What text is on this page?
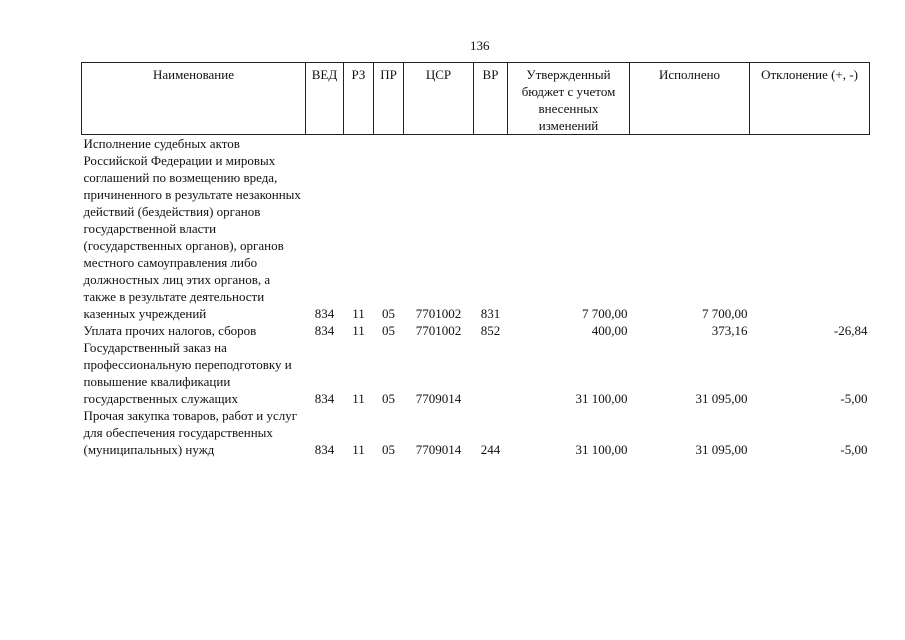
136
Наименование	ВЕД	РЗ	ПР	ЦСР	ВР	Утвержденный бюджет с учетом внесенных изменений	Исполнено	Отклонение (+, -)
Исполнение судебных актов Российской Федерации и мировых соглашений по возмещению вреда, причиненного в результате незаконных действий (бездействия) органов государственной власти (государственных органов), органов местного самоуправления либо должностных лиц этих органов, а также в результате деятельности казенных учреждений	834	11	05	7701002	831	7 700,00	7 700,00	
Уплата прочих налогов, сборов	834	11	05	7701002	852	400,00	373,16	-26,84
Государственный заказ на профессиональную переподготовку и повышение квалификации государственных служащих	834	11	05	7709014		31 100,00	31 095,00	-5,00
Прочая закупка товаров, работ и услуг для обеспечения государственных (муниципальных) нужд	834	11	05	7709014	244	31 100,00	31 095,00	-5,00
